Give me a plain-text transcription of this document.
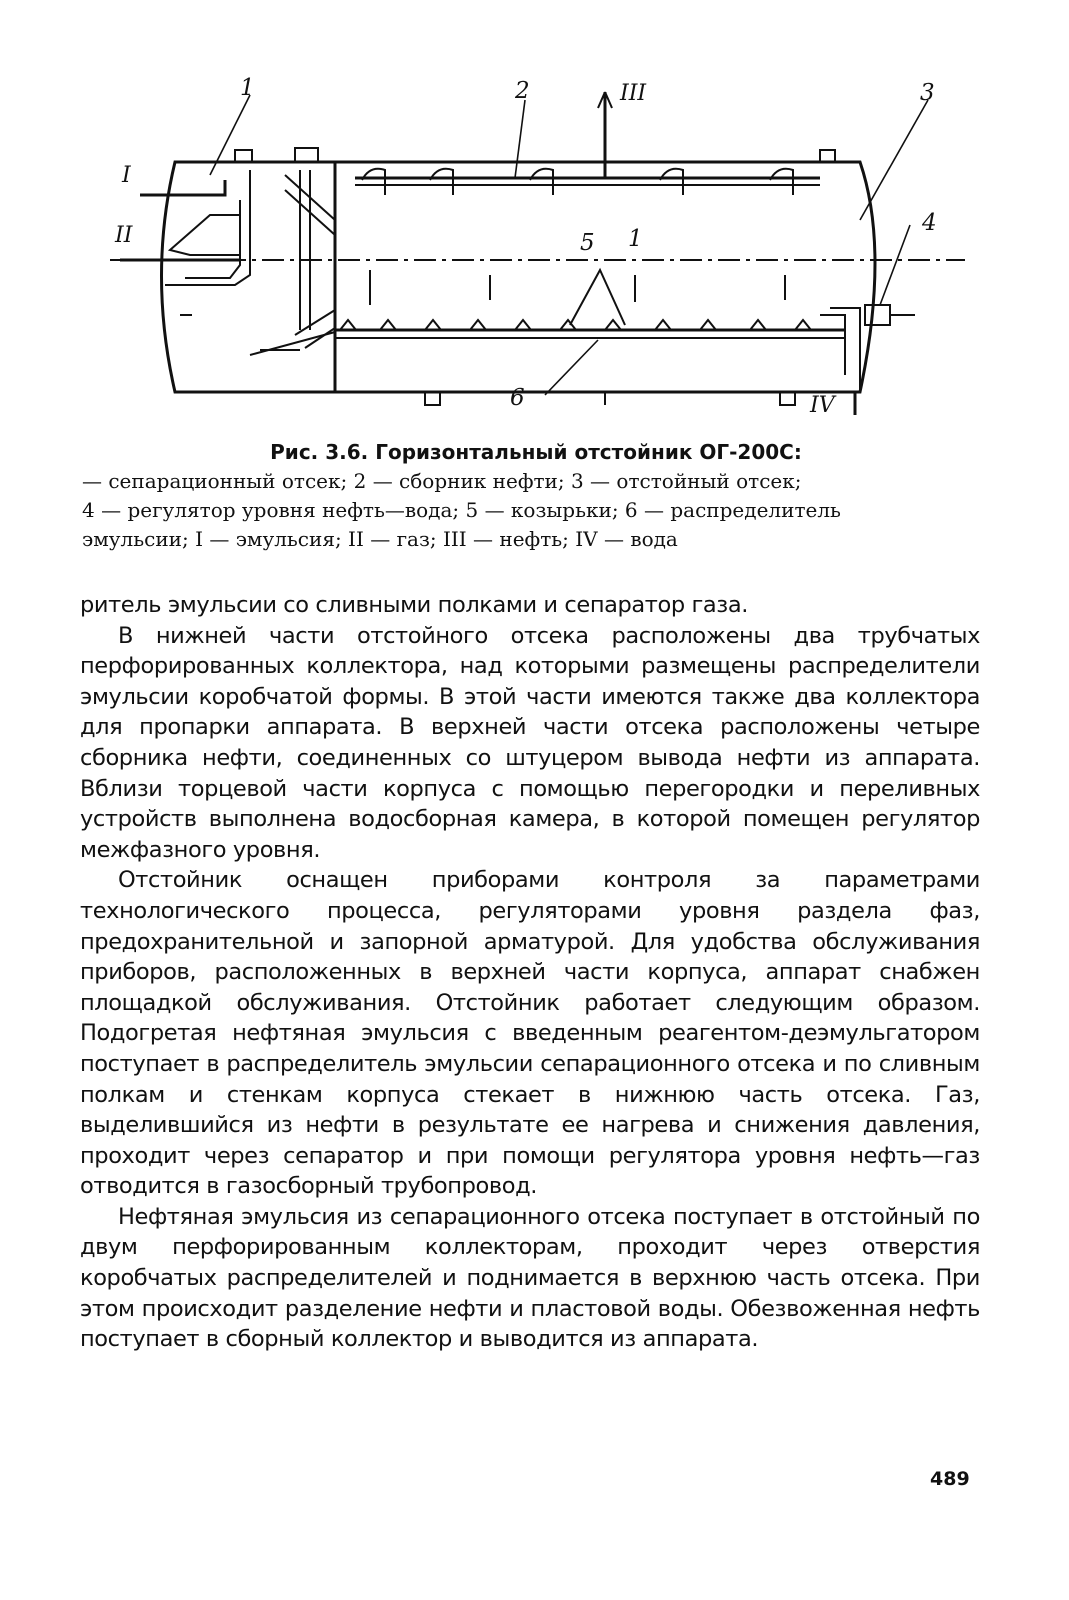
1	2	3
4
5 1
6
I
II
III
IV
Рис. 3.6. Горизонтальный отстойник ОГ-200С:
— сепарационный отсек; 2 — сборник нефти; 3 — отстойный отсек;
4 — регулятор уровня нефть—вода; 5 — козырьки; 6 — распределитель
эмульсии; I — эмульсия; II — газ; III — нефть; IV — вода

ритель эмульсии со сливными полками и сепаратор газа.

В нижней части отстойного отсека расположены два трубчатых перфорированных коллектора, над которыми размещены распределители эмульсии коробчатой формы. В этой части имеются также два коллектора для пропарки аппарата. В верхней части отсека расположены четыре сборника нефти, соединенных со штуцером вывода нефти из аппарата. Вблизи торцевой части корпуса с помощью перегородки и переливных устройств выполнена водосборная камера, в которой помещен регулятор межфазного уровня.

Отстойник оснащен приборами контроля за параметрами технологического процесса, регуляторами уровня раздела фаз, предохранительной и запорной арматурой. Для удобства обслуживания приборов, расположенных в верхней части корпуса, аппарат снабжен площадкой обслуживания. Отстойник работает следующим образом. Подогретая нефтяная эмульсия с введенным реагентом-деэмульгатором поступает в распределитель эмульсии сепарационного отсека и по сливным полкам и стенкам корпуса стекает в нижнюю часть отсека. Газ, выделившийся из нефти в результате ее нагрева и снижения давления, проходит через сепаратор и при помощи регулятора уровня нефть—газ отводится в газосборный трубопровод.

Нефтяная эмульсия из сепарационного отсека поступает в отстойный по двум перфорированным коллекторам, проходит через отверстия коробчатых распределителей и поднимается в верхнюю часть отсека. При этом происходит разделение нефти и пластовой воды. Обезвоженная нефть поступает в сборный коллектор и выводится из аппарата.

489
